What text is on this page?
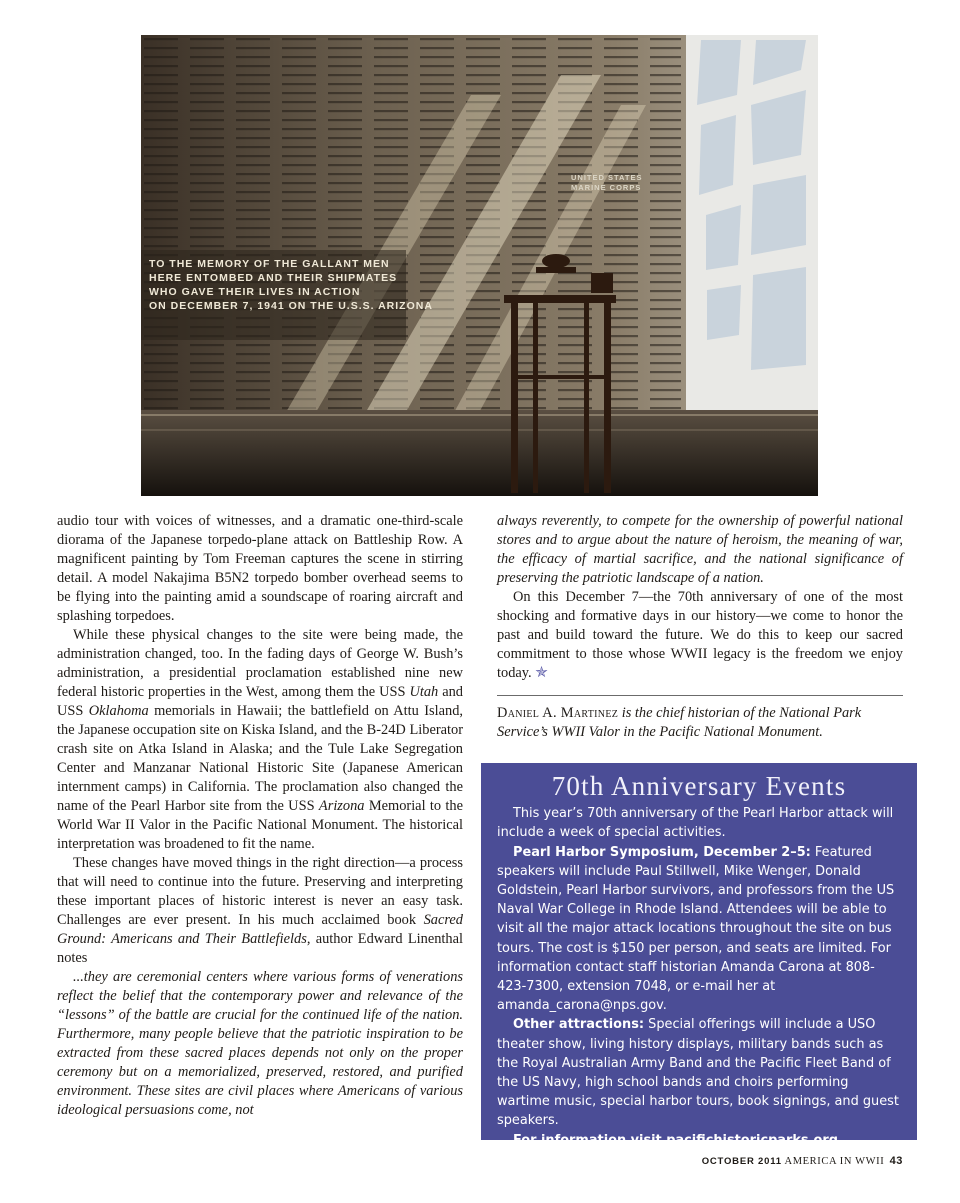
TO THE MEMORY OF THE GALLANT MEN
HERE ENTOMBED AND THEIR SHIPMATES
WHO GAVE THEIR LIVES IN ACTION
ON DECEMBER 7, 1941 ON THE U.S.S. ARIZONA
UNITED STATES
MARINE CORPS

audio tour with voices of witnesses, and a dramatic one-third-scale diorama of the Japanese torpedo-plane attack on Battleship Row. A magnificent painting by Tom Freeman captures the scene in stirring detail. A model Nakajima B5N2 torpedo bomber overhead seems to be flying into the painting amid a soundscape of roaring aircraft and splashing torpedoes.

While these physical changes to the site were being made, the administration changed, too. In the fading days of George W. Bush’s administration, a presidential proclamation established nine new federal historic properties in the West, among them the USS Utah and USS Oklahoma memorials in Hawaii; the battlefield on Attu Island, the Japanese occupation site on Kiska Island, and the B-24D Liberator crash site on Atka Island in Alaska; and the Tule Lake Segregation Center and Manzanar National Historic Site (Japanese American internment camps) in California. The proclamation also changed the name of the Pearl Harbor site from the USS Arizona Memorial to the World War II Valor in the Pacific National Monument. The historical interpretation was broadened to fit the name.

These changes have moved things in the right direction—a process that will need to continue into the future. Preserving and interpreting these important places of historic interest is never an easy task. Challenges are ever present. In his much acclaimed book Sacred Ground: Americans and Their Battlefields, author Edward Linenthal notes

...they are ceremonial centers where various forms of venerations reflect the belief that the contemporary power and relevance of the “lessons” of the battle are crucial for the continued life of the nation. Furthermore, many people believe that the patriotic inspiration to be extracted from these sacred places depends not only on the proper ceremony but on a memorialized, preserved, restored, and purified environment. These sites are civil places where Americans of various ideological persuasions come, not

always reverently, to compete for the ownership of powerful national stores and to argue about the nature of heroism, the meaning of war, the efficacy of martial sacrifice, and the national significance of preserving the patriotic landscape of a nation.

On this December 7—the 70th anniversary of one of the most shocking and formative days in our history—we come to honor the past and build toward the future. We do this to keep our sacred commitment to those whose WWII legacy is the freedom we enjoy today. ✯

Daniel A. Martinez is the chief historian of the National Park Service’s WWII Valor in the Pacific National Monument.

70th Anniversary Events

This year’s 70th anniversary of the Pearl Harbor attack will include a week of special activities.

Pearl Harbor Symposium, December 2–5: Featured speakers will include Paul Stillwell, Mike Wenger, Donald Goldstein, Pearl Harbor survivors, and professors from the US Naval War College in Rhode Island. Attendees will be able to visit all the major attack locations throughout the site on bus tours. The cost is $150 per person, and seats are limited. For information contact staff historian Amanda Carona at 808-423-7300, extension 7048, or e-mail her at amanda_carona@nps.gov.

Other attractions: Special offerings will include a USO theater show, living history displays, military bands such as the Royal Australian Army Band and the Pacific Fleet Band of the US Navy, high school bands and choirs performing wartime music, special harbor tours, book signings, and guest speakers.

For information visit pacifichistoricparks.org

OCTOBER 2011 AMERICA IN WWII 43
